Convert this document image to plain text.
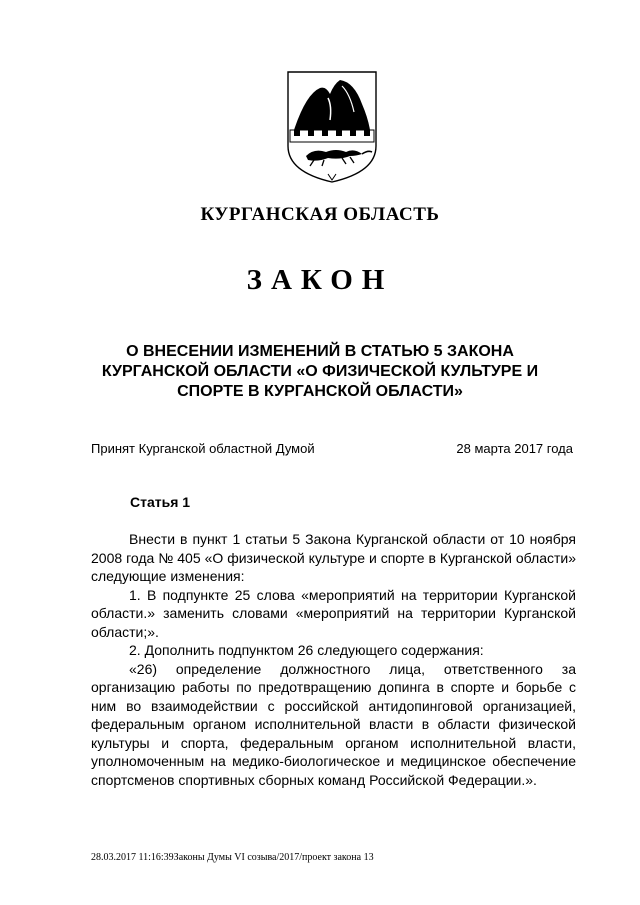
КУРГАНСКАЯ ОБЛАСТЬ
ЗАКОН
О ВНЕСЕНИИ ИЗМЕНЕНИЙ В СТАТЬЮ 5 ЗАКОНА КУРГАНСКОЙ ОБЛАСТИ «О ФИЗИЧЕСКОЙ КУЛЬТУРЕ И СПОРТЕ В КУРГАНСКОЙ ОБЛАСТИ»
Принят Курганской областной Думой	28 марта 2017 года
Статья 1

Внести в пункт 1 статьи 5 Закона Курганской области от 10 ноября 2008 года № 405 «О физической культуре и спорте в Курганской области» следующие изменения:

1. В подпункте 25 слова «мероприятий на территории Курганской области.» заменить словами «мероприятий на территории Курганской области;».

2. Дополнить подпунктом 26 следующего содержания:

«26) определение должностного лица, ответственного за организацию работы по предотвращению допинга в спорте и борьбе с ним во взаимодействии с российской антидопинговой организацией, федеральным органом исполнительной власти в области физической культуры и спорта, федеральным органом исполнительной власти, уполномоченным на медико-биологическое и медицинское обеспечение спортсменов спортивных сборных команд Российской Федерации.».

28.03.2017 11:16:39Законы Думы VI созыва/2017/проект закона 13
